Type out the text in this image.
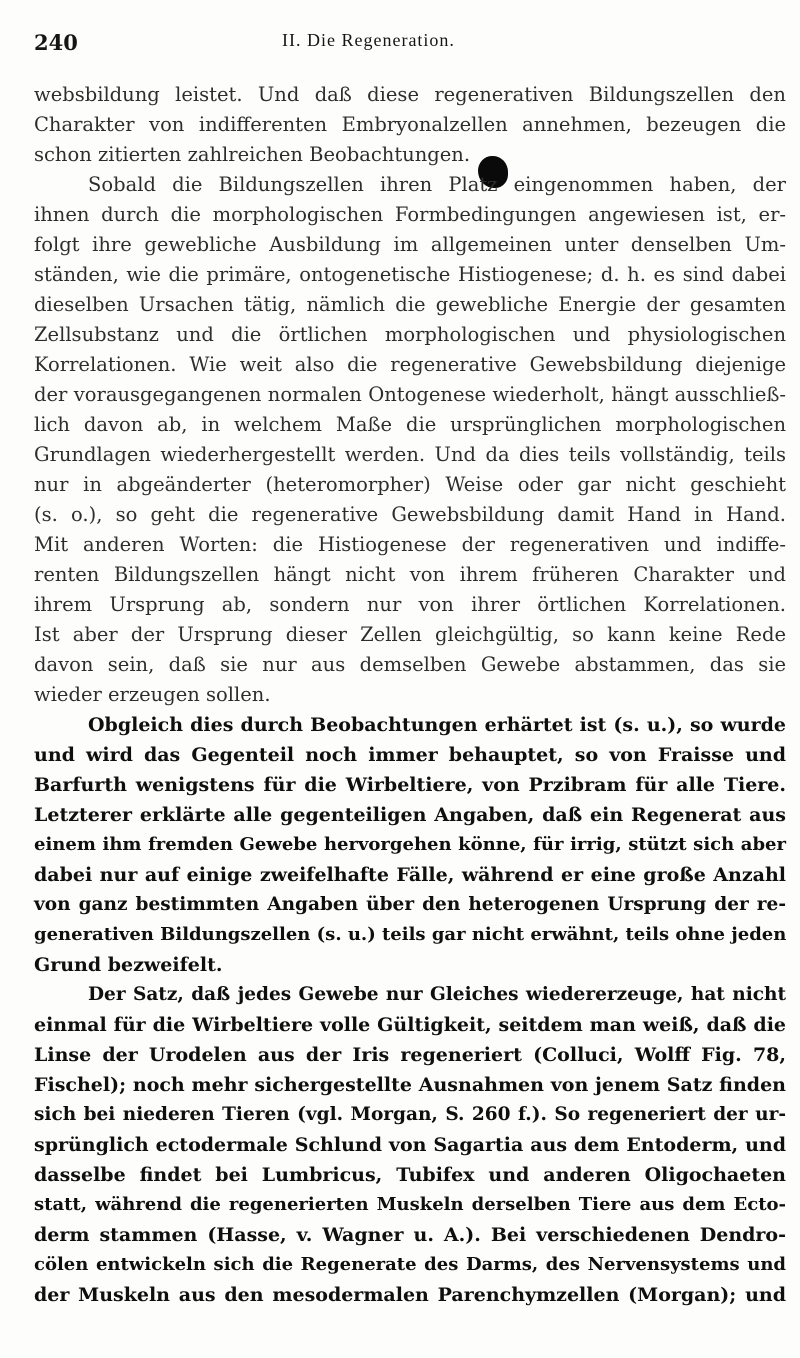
240	II. Die Regeneration.
websbildung leistet. Und daß diese regenerativen Bildungszellen den
Charakter von indifferenten Embryonalzellen annehmen, bezeugen die
schon zitierten zahlreichen Beobachtungen.
Sobald die Bildungszellen ihren Platz eingenommen haben, der
ihnen durch die morphologischen Formbedingungen angewiesen ist, er-
folgt ihre gewebliche Ausbildung im allgemeinen unter denselben Um-
ständen, wie die primäre, ontogenetische Histiogenese; d. h. es sind dabei
dieselben Ursachen tätig, nämlich die gewebliche Energie der gesamten
Zellsubstanz und die örtlichen morphologischen und physiologischen
Korrelationen. Wie weit also die regenerative Gewebsbildung diejenige
der vorausgegangenen normalen Ontogenese wiederholt, hängt ausschließ-
lich davon ab, in welchem Maße die ursprünglichen morphologischen
Grundlagen wiederhergestellt werden. Und da dies teils vollständig, teils
nur in abgeänderter (heteromorpher) Weise oder gar nicht geschieht
(s. o.), so geht die regenerative Gewebsbildung damit Hand in Hand.
Mit anderen Worten: die Histiogenese der regenerativen und indiffe-
renten Bildungszellen hängt nicht von ihrem früheren Charakter und
ihrem Ursprung ab, sondern nur von ihrer örtlichen Korrelationen.
Ist aber der Ursprung dieser Zellen gleichgültig, so kann keine Rede
davon sein, daß sie nur aus demselben Gewebe abstammen, das sie
wieder erzeugen sollen.
Obgleich dies durch Beobachtungen erhärtet ist (s. u.), so wurde
und wird das Gegenteil noch immer behauptet, so von Fraisse und
Barfurth wenigstens für die Wirbeltiere, von Przibram für alle Tiere.
Letzterer erklärte alle gegenteiligen Angaben, daß ein Regenerat aus
einem ihm fremden Gewebe hervorgehen könne, für irrig, stützt sich aber
dabei nur auf einige zweifelhafte Fälle, während er eine große Anzahl
von ganz bestimmten Angaben über den heterogenen Ursprung der re-
generativen Bildungszellen (s. u.) teils gar nicht erwähnt, teils ohne jeden
Grund bezweifelt.
Der Satz, daß jedes Gewebe nur Gleiches wiedererzeuge, hat nicht
einmal für die Wirbeltiere volle Gültigkeit, seitdem man weiß, daß die
Linse der Urodelen aus der Iris regeneriert (Colluci, Wolff Fig. 78,
Fischel); noch mehr sichergestellte Ausnahmen von jenem Satz finden
sich bei niederen Tieren (vgl. Morgan, S. 260 f.). So regeneriert der ur-
sprünglich ectodermale Schlund von Sagartia aus dem Entoderm, und
dasselbe findet bei Lumbricus, Tubifex und anderen Oligochaeten
statt, während die regenerierten Muskeln derselben Tiere aus dem Ecto-
derm stammen (Hasse, v. Wagner u. A.). Bei verschiedenen Dendro-
cölen entwickeln sich die Regenerate des Darms, des Nervensystems und
der Muskeln aus den mesodermalen Parenchymzellen (Morgan); und
